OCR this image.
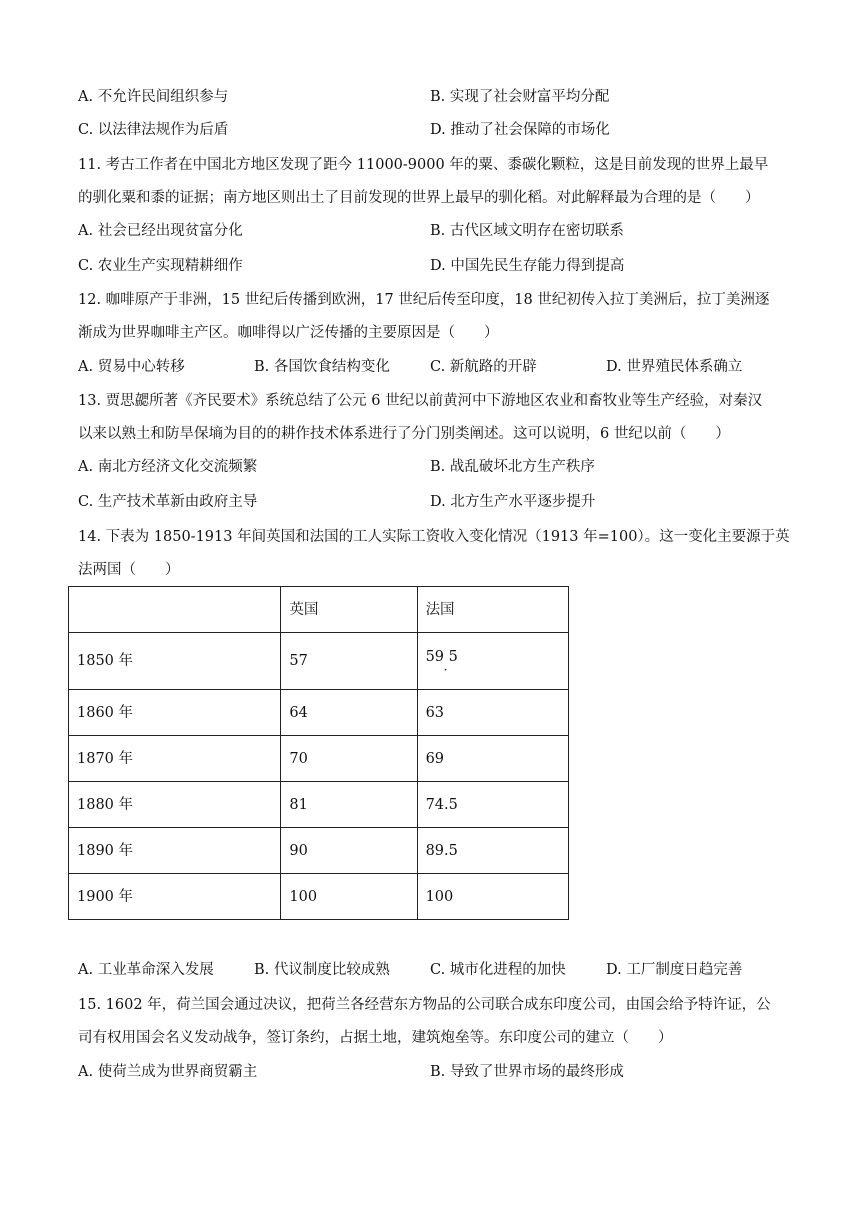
A. 不允许民间组织参与	B. 实现了社会财富平均分配
C. 以法律法规作为后盾	D. 推动了社会保障的市场化
11. 考古工作者在中国北方地区发现了距今 11000-9000 年的粟、黍碳化颗粒，这是目前发现的世界上最早
的驯化粟和黍的证据；南方地区则出土了目前发现的世界上最早的驯化稻。对此解释最为合理的是（　　）
A. 社会已经出现贫富分化	B. 古代区域文明存在密切联系
C. 农业生产实现精耕细作	D. 中国先民生存能力得到提高
12. 咖啡原产于非洲，15 世纪后传播到欧洲，17 世纪后传至印度，18 世纪初传入拉丁美洲后，拉丁美洲逐
渐成为世界咖啡主产区。咖啡得以广泛传播的主要原因是（　　）
A. 贸易中心转移	B. 各国饮食结构变化	C. 新航路的开辟	D. 世界殖民体系确立
13. 贾思勰所著《齐民要术》系统总结了公元 6 世纪以前黄河中下游地区农业和畜牧业等生产经验，对秦汉
以来以熟土和防旱保墒为目的的耕作技术体系进行了分门别类阐述。这可以说明，6 世纪以前（　　）
A. 南北方经济文化交流频繁	B. 战乱破坏北方生产秩序
C. 生产技术革新由政府主导	D. 北方生产水平逐步提升
14. 下表为 1850-1913 年间英国和法国的工人实际工资收入变化情况（1913 年=100）。这一变化主要源于英
法两国（　　）
	英国	法国
1850 年	57	59 5
·

1860 年	64	63
1870 年	70	69
1880 年	81	74.5
1890 年	90	89.5
1900 年	100	100
A. 工业革命深入发展	B. 代议制度比较成熟	C. 城市化进程的加快	D. 工厂制度日趋完善
15. 1602 年，荷兰国会通过决议，把荷兰各经营东方物品的公司联合成东印度公司，由国会给予特许证，公
司有权用国会名义发动战争，签订条约，占据土地，建筑炮垒等。东印度公司的建立（　　）
A. 使荷兰成为世界商贸霸主	B. 导致了世界市场的最终形成
